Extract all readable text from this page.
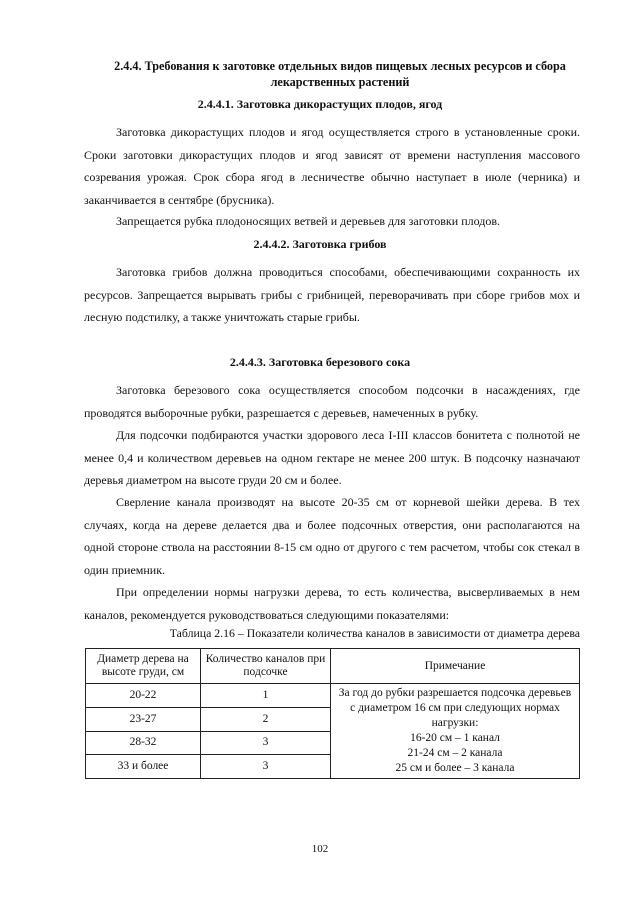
2.4.4. Требования к заготовке отдельных видов пищевых лесных ресурсов и сбора лекарственных растений

2.4.4.1. Заготовка дикорастущих плодов, ягод

Заготовка дикорастущих плодов и ягод осуществляется строго в установленные сроки. Сроки заготовки дикорастущих плодов и ягод зависят от времени наступления массового созревания урожая. Срок сбора ягод в лесничестве обычно наступает в июле (черника) и заканчивается в сентябре (брусника).

Запрещается рубка плодоносящих ветвей и деревьев для заготовки плодов.

2.4.4.2. Заготовка грибов

Заготовка грибов должна проводиться способами, обеспечивающими сохранность их ресурсов. Запрещается вырывать грибы с грибницей, переворачивать при сборе грибов мох и лесную подстилку, а также уничтожать старые грибы.

2.4.4.3. Заготовка березового сока

Заготовка березового сока осуществляется способом подсочки в насаждениях, где проводятся выборочные рубки, разрешается с деревьев, намеченных в рубку.

Для подсочки подбираются участки здорового леса I-III классов бонитета с полнотой не менее 0,4 и количеством деревьев на одном гектаре не менее 200 штук. В подсочку назначают деревья диаметром на высоте груди 20 см и более.

Сверление канала производят на высоте 20-35 см от корневой шейки дерева. В тех случаях, когда на дереве делается два и более подсочных отверстия, они располагаются на одной стороне ствола на расстоянии 8-15 см одно от другого с тем расчетом, чтобы сок стекал в один приемник.

При определении нормы нагрузки дерева, то есть количества, высверливаемых в нем каналов, рекомендуется руководствоваться следующими показателями:

Таблица 2.16 – Показатели количества каналов в зависимости от диаметра дерева

Диаметр дерева на высоте груди, см	Количество каналов при подсочке	Примечание
20-22	1	За год до рубки разрешается подсочка деревьев с диаметром 16 см при следующих нормах нагрузки:
16-20 см – 1 канал
21-24 см – 2 канала
25 см и более – 3 канала

23-27	2	
28-32	3	
33 и более	3	

102
